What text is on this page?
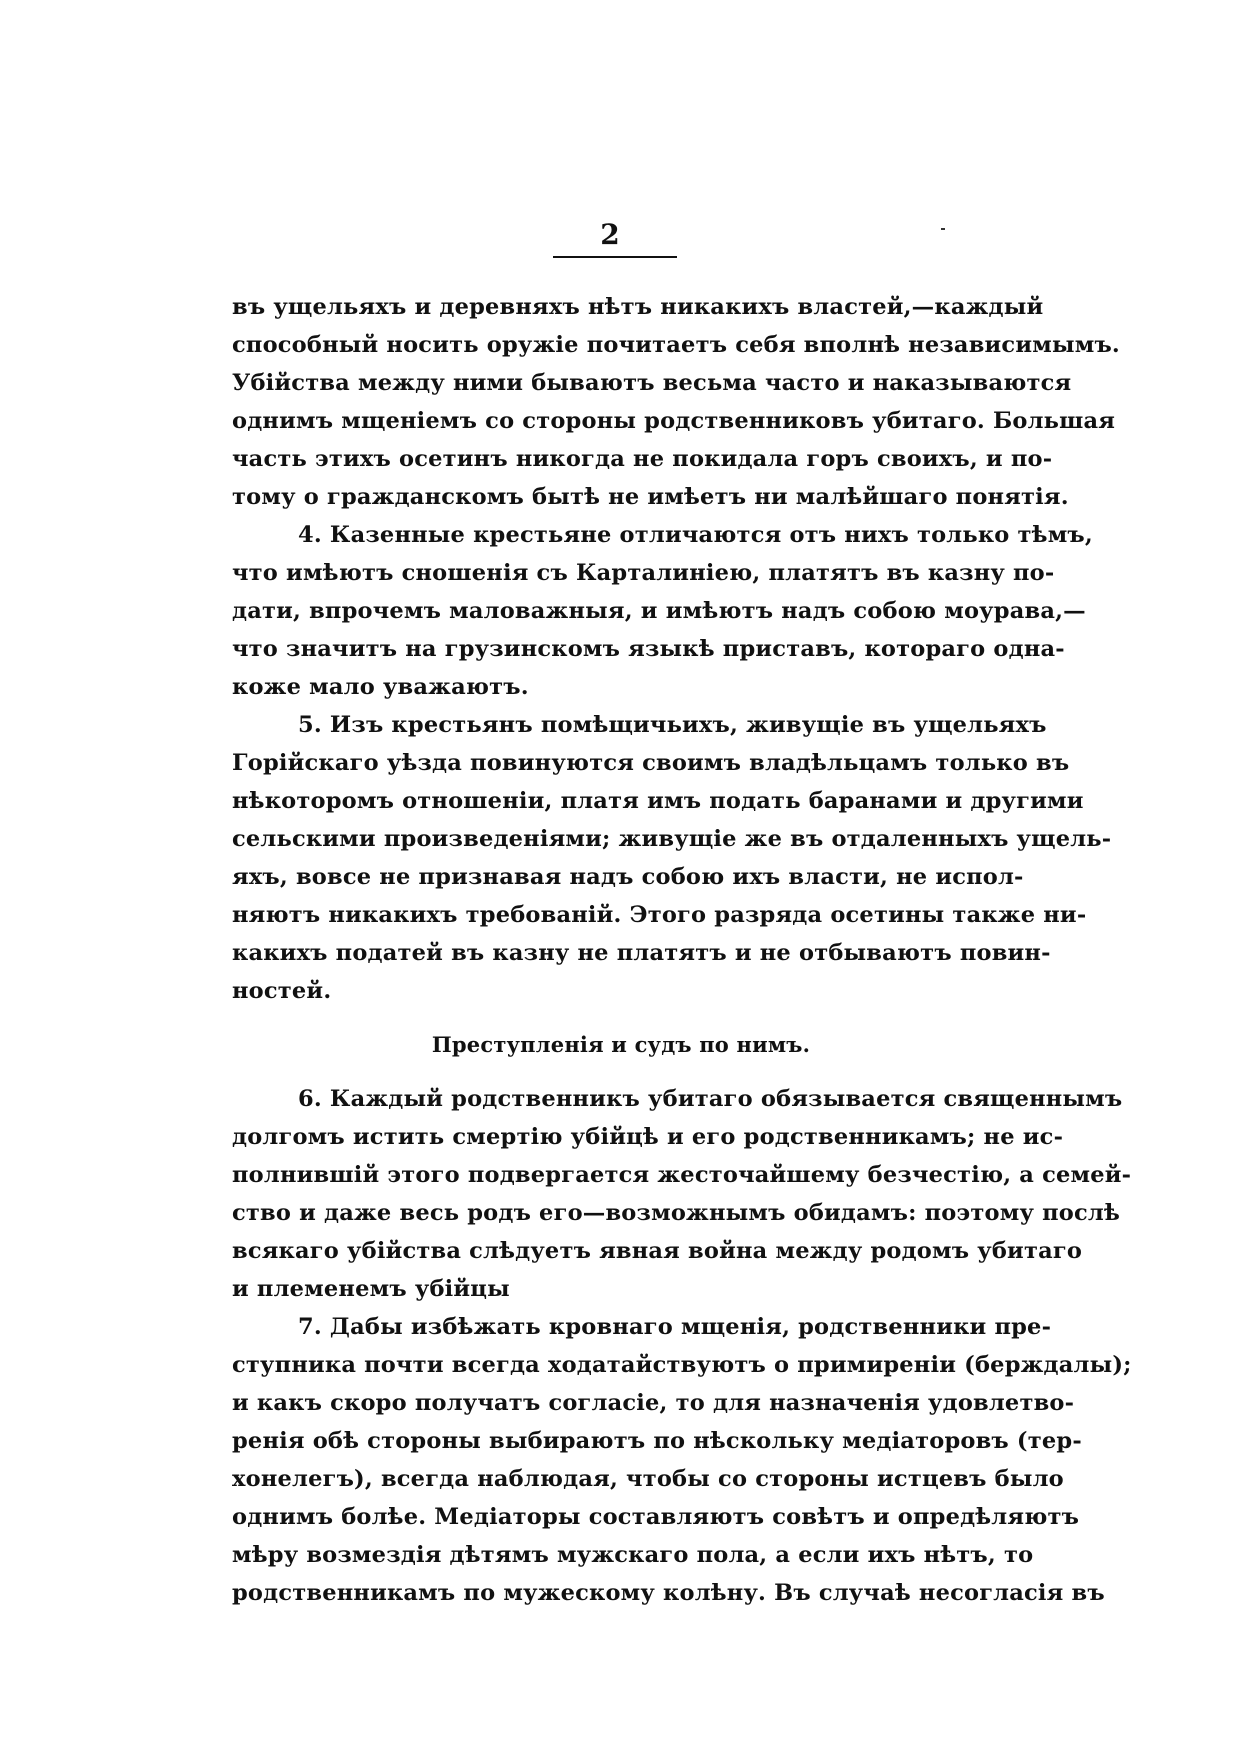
2
въ ущельяхъ и деревняхъ нѣтъ никакихъ властей,—каждый
способный носить оружіе почитаетъ себя вполнѣ независимымъ.
Убійства между ними бываютъ весьма часто и наказываются
однимъ мщеніемъ со стороны родственниковъ убитаго. Большая
часть этихъ осетинъ никогда не покидала горъ своихъ, и по-
тому о гражданскомъ бытѣ не имѣетъ ни малѣйшаго понятія.
4. Казенные крестьяне отличаются отъ нихъ только тѣмъ,
что имѣютъ сношенія съ Карталиніею, платятъ въ казну по-
дати, впрочемъ маловажныя, и имѣютъ надъ собою моурава,—
что значитъ на грузинскомъ языкѣ приставъ, котораго одна-
коже мало уважаютъ.
5. Изъ крестьянъ помѣщичьихъ, живущіе въ ущельяхъ
Горійскаго уѣзда повинуются своимъ владѣльцамъ только въ
нѣкоторомъ отношеніи, платя имъ подать баранами и другими
сельскими произведеніями; живущіе же въ отдаленныхъ ущель-
яхъ, вовсе не признавая надъ собою ихъ власти, не испол-
няютъ никакихъ требованій. Этого разряда осетины также ни-
какихъ податей въ казну не платятъ и не отбываютъ повин-
ностей.
Преступленія и судъ по нимъ.
6. Каждый родственникъ убитаго обязывается священнымъ
долгомъ истить смертію убійцѣ и его родственникамъ; не ис-
полнившій этого подвергается жесточайшему безчестію, а семей-
ство и даже весь родъ его—возможнымъ обидамъ: поэтому послѣ
всякаго убійства слѣдуетъ явная война между родомъ убитаго
и племенемъ убійцы
7. Дабы избѣжать кровнаго мщенія, родственники пре-
ступника почти всегда ходатайствуютъ о примиреніи (берждалы);
и какъ скоро получатъ согласіе, то для назначенія удовлетво-
ренія обѣ стороны выбираютъ по нѣскольку медіаторовъ (тер-
хонелегъ), всегда наблюдая, чтобы со стороны истцевъ было
однимъ болѣе. Медіаторы составляютъ совѣтъ и опредѣляютъ
мѣру возмездія дѣтямъ мужскаго пола, а если ихъ нѣтъ, то
родственникамъ по мужескому колѣну. Въ случаѣ несогласія въ
